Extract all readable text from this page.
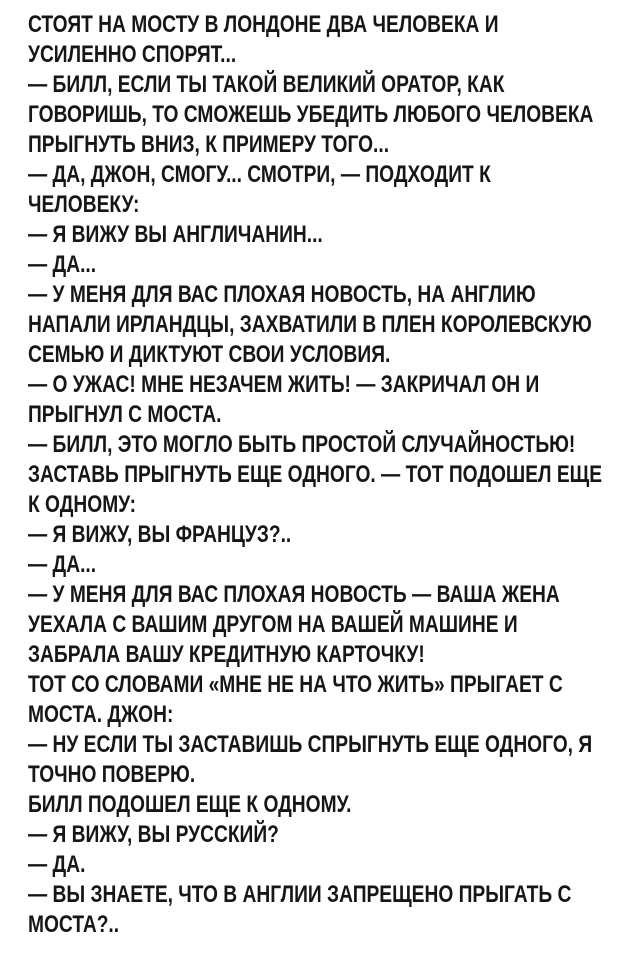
СТОЯТ НА МОСТУ В ЛОНДОНЕ ДВА ЧЕЛОВЕКА И
УСИЛЕННО СПОРЯТ...
— БИЛЛ, ЕСЛИ ТЫ ТАКОЙ ВЕЛИКИЙ ОРАТОР, КАК
ГОВОРИШЬ, ТО СМОЖЕШЬ УБЕДИТЬ ЛЮБОГО ЧЕЛОВЕКА
ПРЫГНУТЬ ВНИЗ, К ПРИМЕРУ ТОГО...
— ДА, ДЖОН, СМОГУ... СМОТРИ, — ПОДХОДИТ К
ЧЕЛОВЕКУ:
— Я ВИЖУ ВЫ АНГЛИЧАНИН...
— ДА...
— У МЕНЯ ДЛЯ ВАС ПЛОХАЯ НОВОСТЬ, НА АНГЛИЮ
НАПАЛИ ИРЛАНДЦЫ, ЗАХВАТИЛИ В ПЛЕН КОРОЛЕВСКУЮ
СЕМЬЮ И ДИКТУЮТ СВОИ УСЛОВИЯ.
— О УЖАС! МНЕ НЕЗАЧЕМ ЖИТЬ! — ЗАКРИЧАЛ ОН И
ПРЫГНУЛ С МОСТА.
— БИЛЛ, ЭТО МОГЛО БЫТЬ ПРОСТОЙ СЛУЧАЙНОСТЬЮ!
ЗАСТАВЬ ПРЫГНУТЬ ЕЩЕ ОДНОГО. — ТОТ ПОДОШЕЛ ЕЩЕ
К ОДНОМУ:
— Я ВИЖУ, ВЫ ФРАНЦУЗ?..
— ДА...
— У МЕНЯ ДЛЯ ВАС ПЛОХАЯ НОВОСТЬ — ВАША ЖЕНА
УЕХАЛА С ВАШИМ ДРУГОМ НА ВАШЕЙ МАШИНЕ И
ЗАБРАЛА ВАШУ КРЕДИТНУЮ КАРТОЧКУ!
ТОТ СО СЛОВАМИ «МНЕ НЕ НА ЧТО ЖИТЬ» ПРЫГАЕТ С
МОСТА. ДЖОН:
— НУ ЕСЛИ ТЫ ЗАСТАВИШЬ СПРЫГНУТЬ ЕЩЕ ОДНОГО, Я
ТОЧНО ПОВЕРЮ.
БИЛЛ ПОДОШЕЛ ЕЩЕ К ОДНОМУ.
— Я ВИЖУ, ВЫ РУССКИЙ?
— ДА.
— ВЫ ЗНАЕТЕ, ЧТО В АНГЛИИ ЗАПРЕЩЕНО ПРЫГАТЬ С
МОСТА?..
